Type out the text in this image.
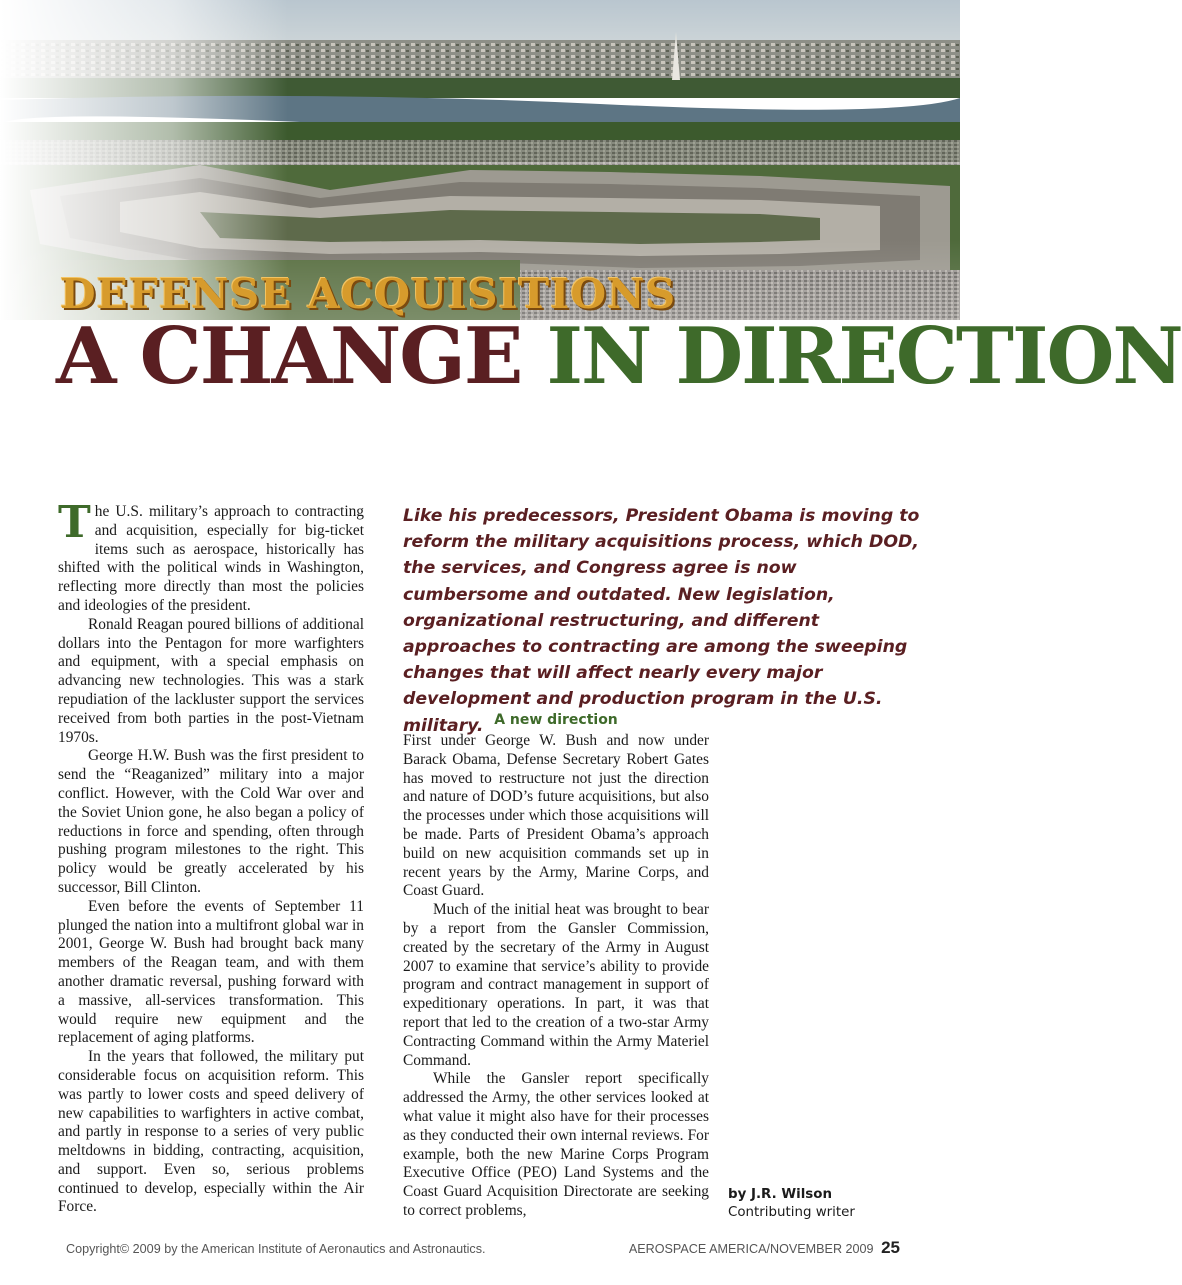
DEFENSE ACQUISITIONS
A CHANGE IN DIRECTION

The U.S. military’s approach to contracting and acquisition, especially for big-ticket items such as aerospace, historically has shifted with the political winds in Washington, reflecting more directly than most the policies and ideologies of the president.

Ronald Reagan poured billions of additional dollars into the Pentagon for more warfighters and equipment, with a special emphasis on advancing new technologies. This was a stark repudiation of the lackluster support the services received from both parties in the post-Vietnam 1970s.

George H.W. Bush was the first president to send the “Reaganized” military into a major conflict. However, with the Cold War over and the Soviet Union gone, he also began a policy of reductions in force and spending, often through pushing program milestones to the right. This policy would be greatly accelerated by his successor, Bill Clinton.

Even before the events of September 11 plunged the nation into a multifront global war in 2001, George W. Bush had brought back many members of the Reagan team, and with them another dramatic reversal, pushing forward with a massive, all-services transformation. This would require new equipment and the replacement of aging platforms.

In the years that followed, the military put considerable focus on acquisition reform. This was partly to lower costs and speed delivery of new capabilities to warfighters in active combat, and partly in response to a series of very public meltdowns in bidding, contracting, acquisition, and support. Even so, serious problems continued to develop, especially within the Air Force.

Like his predecessors, President Obama is moving to reform the military acquisitions process, which DOD, the services, and Congress agree is now cumbersome and outdated. New legislation, organizational restructuring, and different approaches to contracting are among the sweeping changes that will affect nearly every major development and production program in the U.S. military. A new direction

First under George W. Bush and now under Barack Obama, Defense Secretary Robert Gates has moved to restructure not just the direction and nature of DOD’s future acquisitions, but also the processes under which those acquisitions will be made. Parts of President Obama’s approach build on new acquisition commands set up in recent years by the Army, Marine Corps, and Coast Guard.

Much of the initial heat was brought to bear by a report from the Gansler Commission, created by the secretary of the Army in August 2007 to examine that service’s ability to provide program and contract management in support of expeditionary operations. In part, it was that report that led to the creation of a two-star Army Contracting Command within the Army Materiel Command.

While the Gansler report specifically addressed the Army, the other services looked at what value it might also have for their processes as they conducted their own internal reviews. For example, both the new Marine Corps Program Executive Office (PEO) Land Systems and the Coast Guard Acquisition Directorate are seeking to correct problems,

by J.R. Wilson
Contributing writer
Copyright© 2009 by the American Institute of Aeronautics and Astronautics.	AEROSPACE AMERICA/NOVEMBER 2009 25
